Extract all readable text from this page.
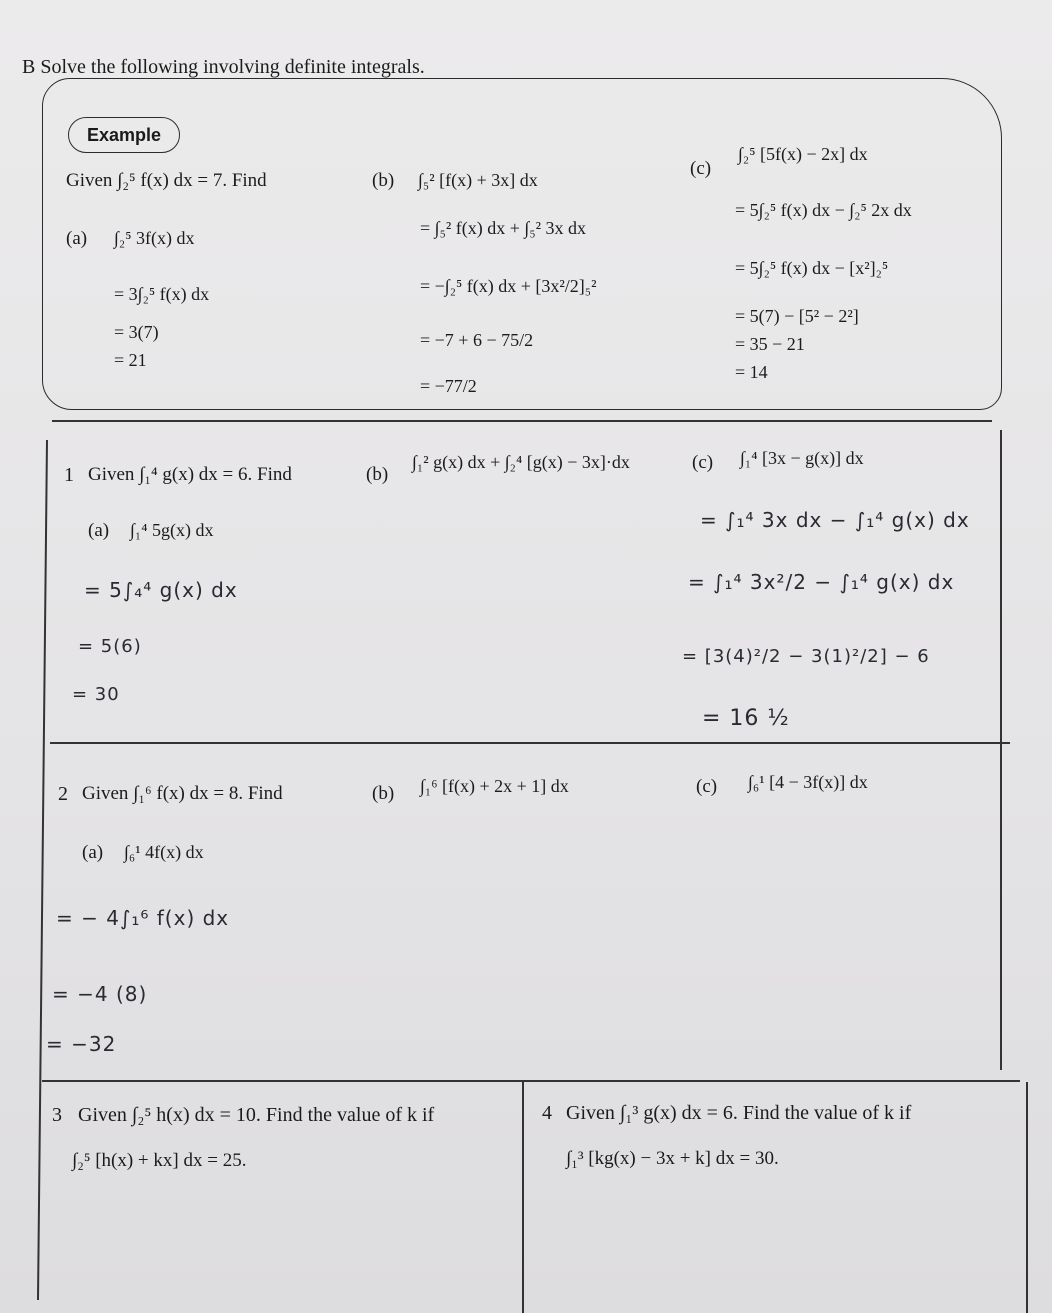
B Solve the following involving definite integrals.
Example
Given ∫₂⁵ f(x) dx = 7. Find
(a) ∫₂⁵ 3f(x) dx
= 3∫₂⁵ f(x) dx
= 3(7)
= 21
(b) ∫₅² [f(x) + 3x] dx
= ∫₅² f(x) dx + ∫₅² 3x dx
= −∫₂⁵ f(x) dx + [3x²/2]₅²
= −7 + 6 − 75/2
= −77/2
(c)
∫₂⁵ [5f(x) − 2x] dx
= 5∫₂⁵ f(x) dx − ∫₂⁵ 2x dx
= 5∫₂⁵ f(x) dx − [x²]₂⁵
= 5(7) − [5² − 2²]
= 35 − 21
= 14
1 Given ∫₁⁴ g(x) dx = 6. Find	(b)
∫₁² g(x) dx + ∫₂⁴ [g(x) − 3x]·dx	(c) ∫₁⁴ [3x − g(x)] dx
(a) ∫₁⁴ 5g(x) dx
= 5∫₄⁴ g(x) dx
= 5(6)
= 30
= ∫₁⁴ 3x dx − ∫₁⁴ g(x) dx
= ∫₁⁴ 3x²/2 − ∫₁⁴ g(x) dx
= [3(4)²/2 − 3(1)²/2] − 6
= 16 ½
2 Given ∫₁⁶ f(x) dx = 8. Find	(b) ∫₁⁶ [f(x) + 2x + 1] dx	(c) ∫₆¹ [4 − 3f(x)] dx
(a) ∫₆¹ 4f(x) dx
= − 4∫₁⁶ f(x) dx
= −4 (8)
= −32
3 Given ∫₂⁵ h(x) dx = 10. Find the value of k if
∫₂⁵ [h(x) + kx] dx = 25.
4 Given ∫₁³ g(x) dx = 6. Find the value of k if
∫₁³ [kg(x) − 3x + k] dx = 30.
